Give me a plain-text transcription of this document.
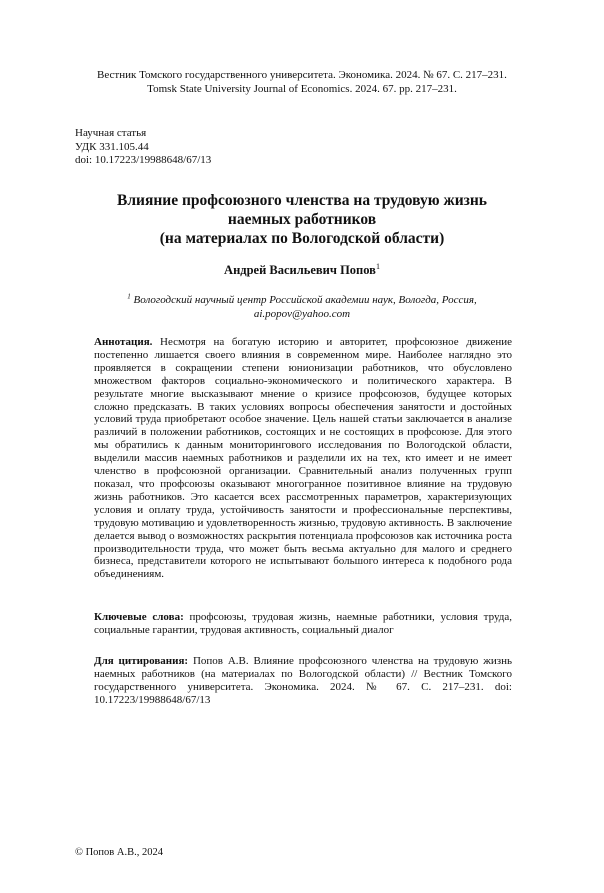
Вестник Томского государственного университета. Экономика. 2024. № 67. С. 217–231.
Tomsk State University Journal of Economics. 2024. 67. pp. 217–231.
Научная статья
УДК 331.105.44
doi: 10.17223/19988648/67/13
Влияние профсоюзного членства на трудовую жизнь
наемных работников
(на материалах по Вологодской области)
Андрей Васильевич Попов$^1$
$^1$ Вологодский научный центр Российской академии наук, Вологда, Россия,
ai.popov@yahoo.com
Аннотация. Несмотря на богатую историю и авторитет, профсоюзное движение постепенно лишается своего влияния в современном мире. Наиболее наглядно это проявляется в сокращении степени юнионизации работников, что обусловлено множеством факторов социально-экономического и политического характера. В результате многие высказывают мнение о кризисе профсоюзов, будущее которых сложно предсказать. В таких условиях вопросы обеспечения занятости и достойных условий труда приобретают особое значение. Цель нашей статьи заключается в анализе различий в положении работников, состоящих и не состоящих в профсоюзе. Для этого мы обратились к данным мониторингового исследования по Вологодской области, выделили массив наемных работников и разделили их на тех, кто имеет и не имеет членство в профсоюзной организации. Сравнительный анализ полученных групп показал, что профсоюзы оказывают многогранное позитивное влияние на трудовую жизнь работников. Это касается всех рассмотренных параметров, характеризующих условия и оплату труда, устойчивость занятости и профессиональные перспективы, трудовую мотивацию и удовлетворенность жизнью, трудовую активность. В заключение делается вывод о возможностях раскрытия потенциала профсоюзов как источника роста производительности труда, что может быть весьма актуально для малого и среднего бизнеса, представители которого не испытывают большого интереса к подобного рода объединениям.
Ключевые слова: профсоюзы, трудовая жизнь, наемные работники, условия труда, социальные гарантии, трудовая активность, социальный диалог
Для цитирования: Попов А.В. Влияние профсоюзного членства на трудовую жизнь наемных работников (на материалах по Вологодской области) // Вестник Томского государственного университета. Экономика. 2024. № 67. С. 217–231. doi: 10.17223/19988648/67/13
© Попов А.В., 2024
